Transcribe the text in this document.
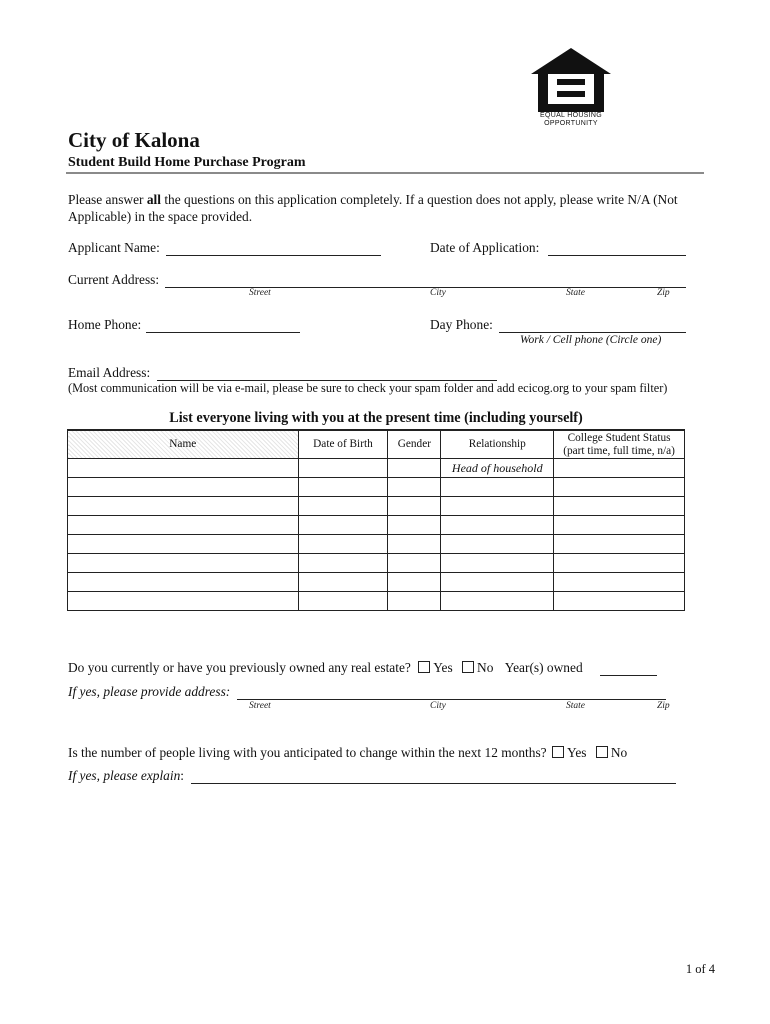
EQUAL HOUSING
OPPORTUNITY
City of Kalona
Student Build Home Purchase Program
Please answer all the questions on this application completely. If a question does not apply, please write N/A (Not Applicable) in the space provided.
Applicant Name:	Date of Application:
Current Address:
Street	City	State	Zip
Home Phone:	Day Phone:
Work / Cell phone (Circle one)
Email Address:
(Most communication will be via e-mail, please be sure to check your spam folder and add ecicog.org to your spam filter)
List everyone living with you at the present time (including yourself)
Name	Date of Birth	Gender	Relationship	College Student Status
(part time, full time, n/a)
			Head of household	

Do you currently or have you previously owned any real estate? Yes No Year(s) owned
If yes, please provide address:
Street	City	State	Zip
Is the number of people living with you anticipated to change within the next 12 months? Yes No
If yes, please explain:
1 of 4
